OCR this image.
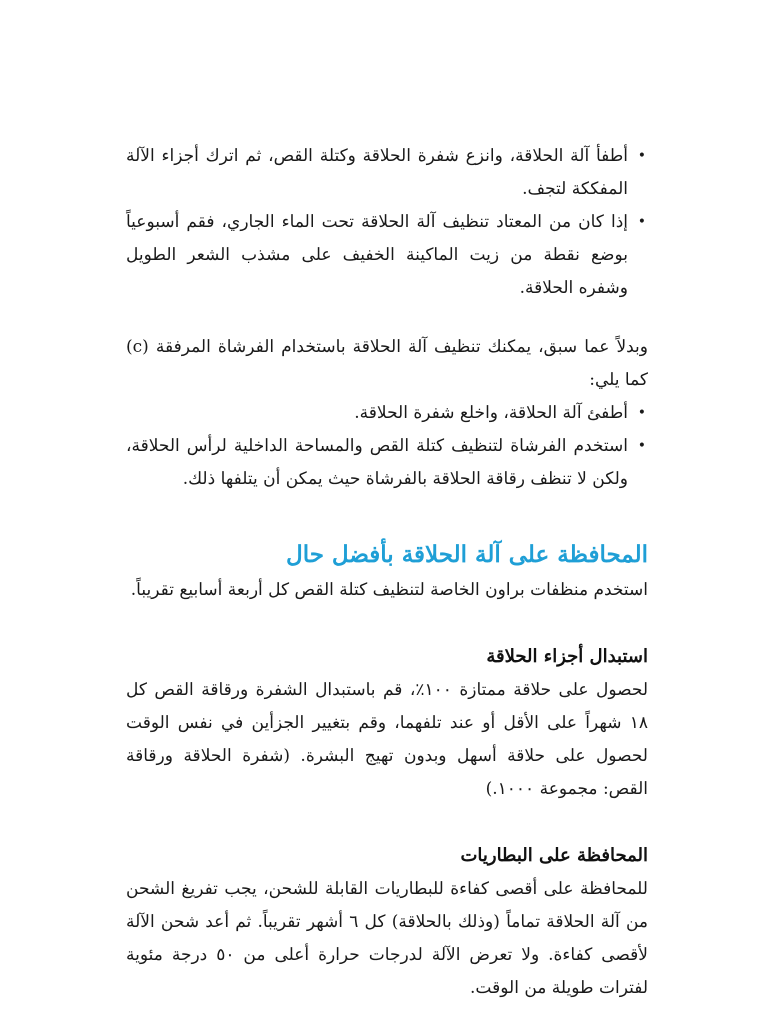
•
أطفأ آلة الحلاقة، وانزع شفرة الحلاقة وكتلة القص، ثم اترك أجزاء الآلة المفككة لتجف.
•
إذا كان من المعتاد تنظيف آلة الحلاقة تحت الماء الجاري، فقم أسبوعياً بوضع نقطة من زيت الماكينة الخفيف على مشذب الشعر الطويل وشفره الحلاقة.

وبدلاً عما سبق، يمكنك تنظيف آلة الحلاقة باستخدام الفرشاة المرفقة (c) كما يلي:

•
أطفئ آلة الحلاقة، واخلع شفرة الحلاقة.
•
استخدم الفرشاة لتنظيف كتلة القص والمساحة الداخلية لرأس الحلاقة، ولكن لا تنظف رقاقة الحلاقة بالفرشاة حيث يمكن أن يتلفها ذلك.
المحافظة على آلة الحلاقة بأفضل حال

استخدم منظفات براون الخاصة لتنظيف كتلة القص كل أربعة أسابيع تقريباً.

استبدال أجزاء الحلاقة

لحصول على حلاقة ممتازة ١٠٠٪، قم باستبدال الشفرة ورقاقة القص كل ١٨ شهراً على الأقل أو عند تلفهما، وقم بتغيير الجزأين في نفس الوقت لحصول على حلاقة أسهل وبدون تهيج البشرة. (شفرة الحلاقة ورقاقة القص: مجموعة ١٠٠٠.)

المحافظة على البطاريات

للمحافظة على أقصى كفاءة للبطاريات القابلة للشحن، يجب تفريغ الشحن من آلة الحلاقة تماماً (وذلك بالحلاقة) كل ٦ أشهر تقريباً. ثم أعد شحن الآلة لأقصى كفاءة. ولا تعرض الآلة لدرجات حرارة أعلى من ٥٠ درجة مئوية لفترات طويلة من الوقت.
